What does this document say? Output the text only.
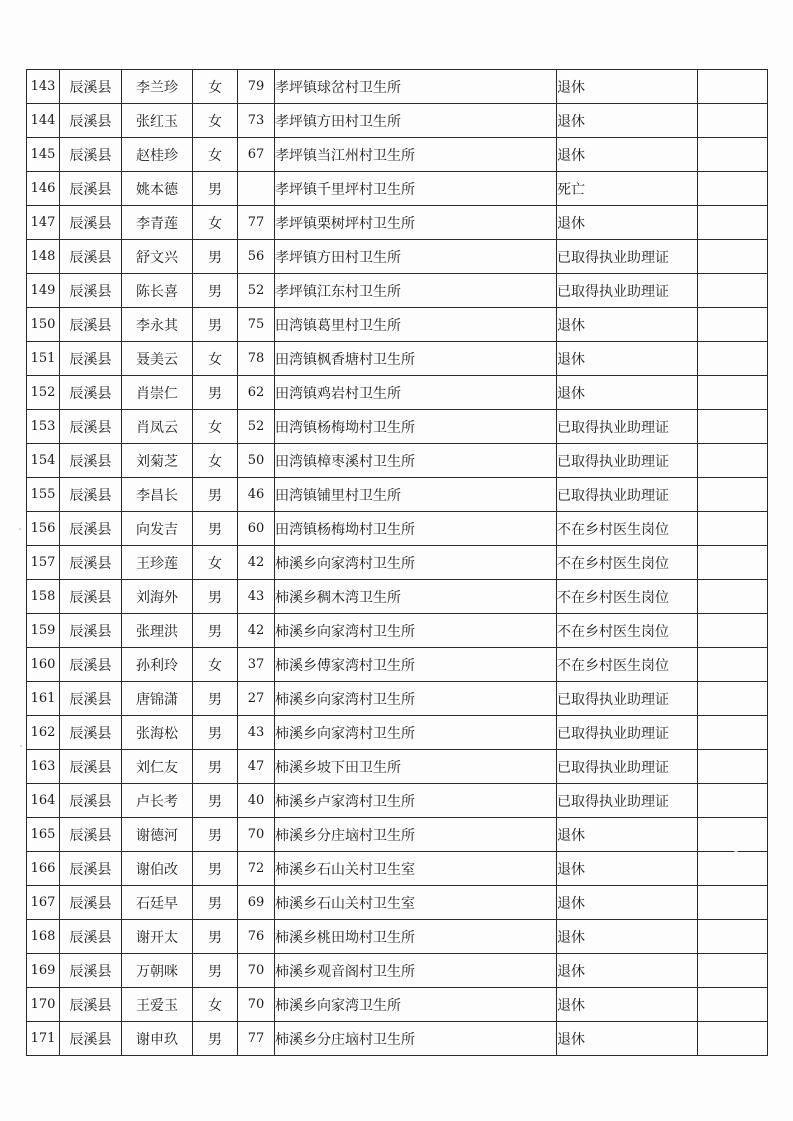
143	辰溪县	李兰珍	女	79	孝坪镇球岔村卫生所	退休	
144	辰溪县	张红玉	女	73	孝坪镇方田村卫生所	退休	
145	辰溪县	赵桂珍	女	67	孝坪镇当江州村卫生所	退休	
146	辰溪县	姚本德	男		孝坪镇千里坪村卫生所	死亡	
147	辰溪县	李青莲	女	77	孝坪镇栗树坪村卫生所	退休	
148	辰溪县	舒文兴	男	56	孝坪镇方田村卫生所	已取得执业助理证	
149	辰溪县	陈长喜	男	52	孝坪镇江东村卫生所	已取得执业助理证	
150	辰溪县	李永其	男	75	田湾镇葛里村卫生所	退休	
151	辰溪县	聂美云	女	78	田湾镇枫香塘村卫生所	退休	
152	辰溪县	肖崇仁	男	62	田湾镇鸡岩村卫生所	退休	
153	辰溪县	肖凤云	女	52	田湾镇杨梅坳村卫生所	已取得执业助理证	
154	辰溪县	刘菊芝	女	50	田湾镇樟枣溪村卫生所	已取得执业助理证	
155	辰溪县	李昌长	男	46	田湾镇铺里村卫生所	已取得执业助理证	
156	辰溪县	向发吉	男	60	田湾镇杨梅坳村卫生所	不在乡村医生岗位	
157	辰溪县	王珍莲	女	42	柿溪乡向家湾村卫生所	不在乡村医生岗位	
158	辰溪县	刘海外	男	43	柿溪乡稠木湾卫生所	不在乡村医生岗位	
159	辰溪县	张理洪	男	42	柿溪乡向家湾村卫生所	不在乡村医生岗位	
160	辰溪县	孙利玲	女	37	柿溪乡傅家湾村卫生所	不在乡村医生岗位	
161	辰溪县	唐锦潇	男	27	柿溪乡向家湾村卫生所	已取得执业助理证	
162	辰溪县	张海松	男	43	柿溪乡向家湾村卫生所	已取得执业助理证	
163	辰溪县	刘仁友	男	47	柿溪乡坡下田卫生所	已取得执业助理证	
164	辰溪县	卢长考	男	40	柿溪乡卢家湾村卫生所	已取得执业助理证	
165	辰溪县	谢德河	男	70	柿溪乡分庄垴村卫生所	退休	
166	辰溪县	谢伯改	男	72	柿溪乡石山关村卫生室	退休	
167	辰溪县	石廷早	男	69	柿溪乡石山关村卫生室	退休	
168	辰溪县	谢开太	男	76	柿溪乡桃田坳村卫生所	退休	
169	辰溪县	万朝咪	男	70	柿溪乡观音阁村卫生所	退休	
170	辰溪县	王爱玉	女	70	柿溪乡向家湾卫生所	退休	
171	辰溪县	谢申玖	男	77	柿溪乡分庄垴村卫生所	退休	
